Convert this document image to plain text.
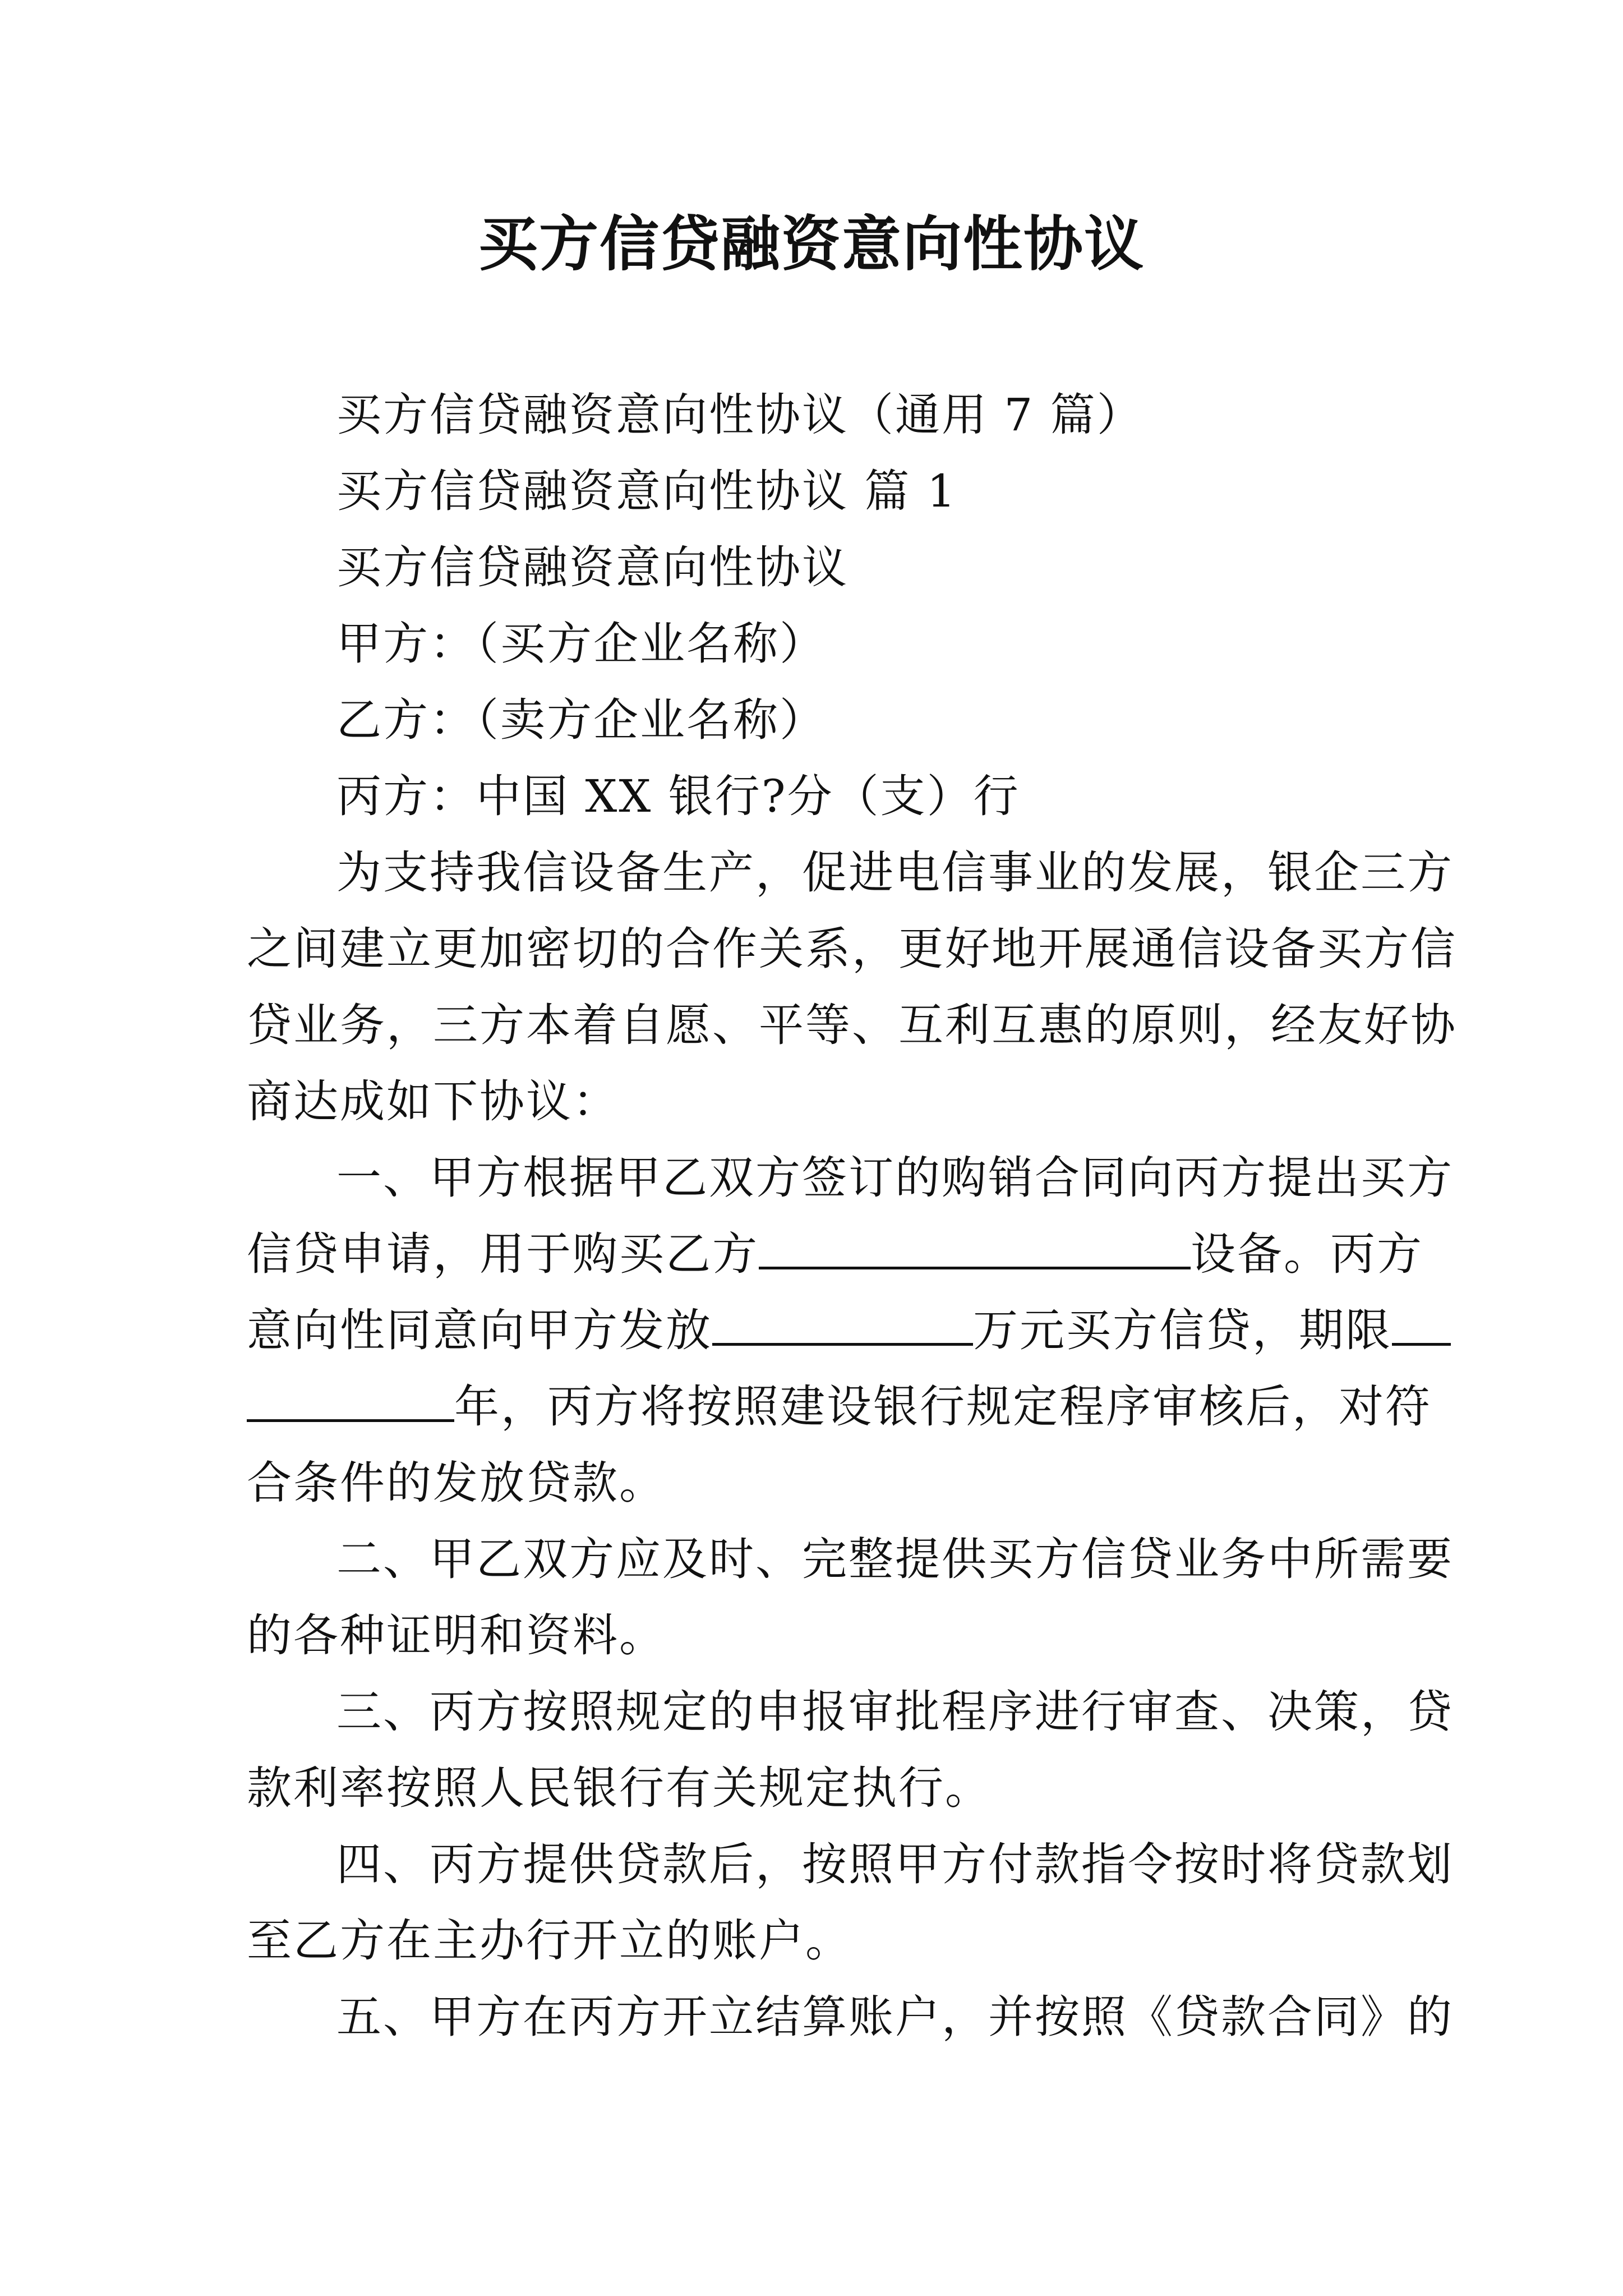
买方信贷融资意向性协议
买方信贷融资意向性协议（通用 7 篇）
买方信贷融资意向性协议 篇 1
买方信贷融资意向性协议
甲方：（买方企业名称）
乙方：（卖方企业名称）
丙方：中国 XX 银行?分（支）行
为支持我信设备生产，促进电信事业的发展，银企三方
之间建立更加密切的合作关系，更好地开展通信设备买方信
贷业务，三方本着自愿、平等、互利互惠的原则，经友好协
商达成如下协议：
一、甲方根据甲乙双方签订的购销合同向丙方提出买方
信贷申请，用于购买乙方	设备。丙方
意向性同意向甲方发放	万元买方信贷，期限
年，丙方将按照建设银行规定程序审核后，对符
合条件的发放贷款。
二、甲乙双方应及时、完整提供买方信贷业务中所需要
的各种证明和资料。
三、丙方按照规定的申报审批程序进行审查、决策，贷
款利率按照人民银行有关规定执行。
四、丙方提供贷款后，按照甲方付款指令按时将贷款划
至乙方在主办行开立的账户。
五、甲方在丙方开立结算账户，并按照《贷款合同》的
